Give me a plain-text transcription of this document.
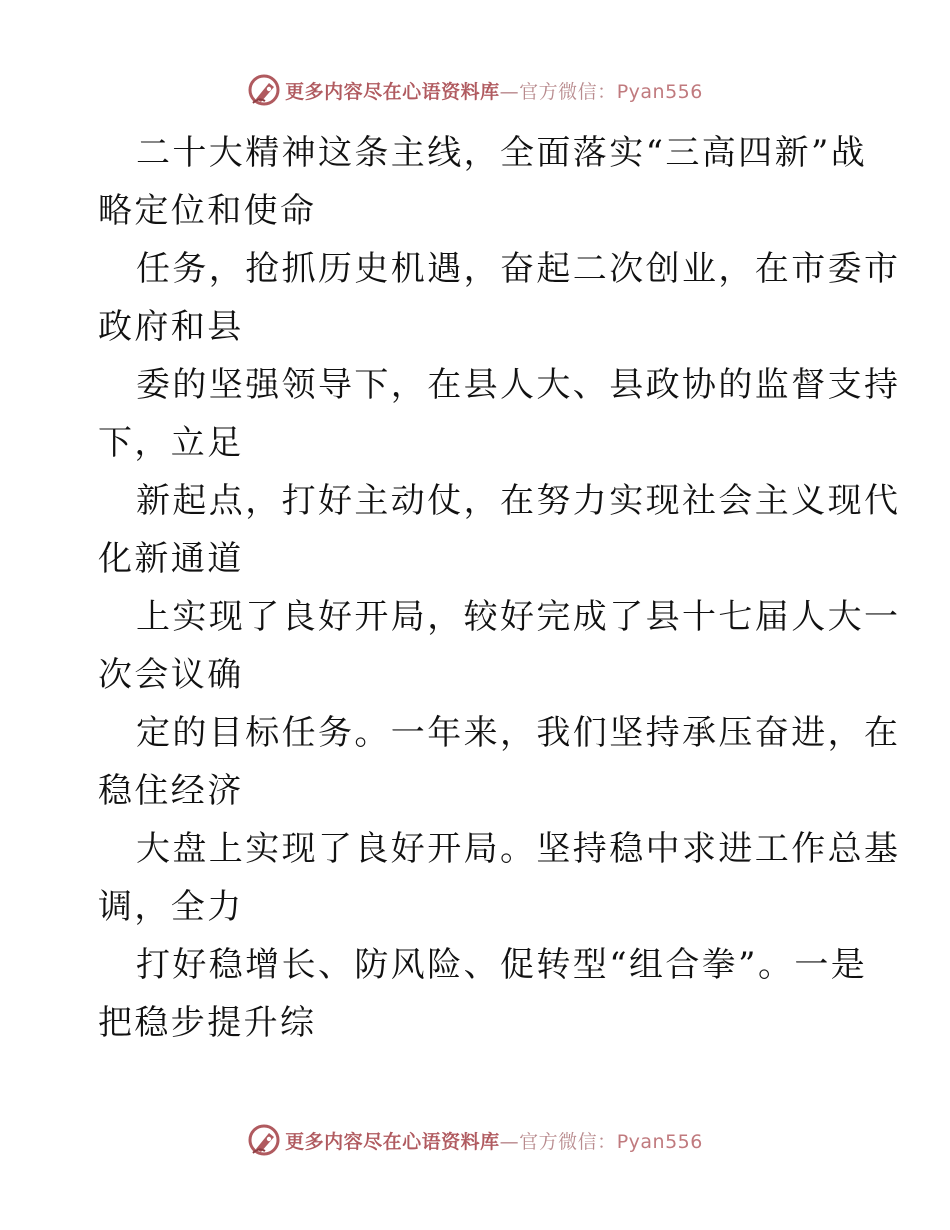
更多内容尽在心语资料库—官方微信：Pyan556
二十大精神这条主线，全面落实“三高四新”战
略定位和使命
任务，抢抓历史机遇，奋起二次创业，在市委市
政府和县
委的坚强领导下，在县人大、县政协的监督支持
下，立足
新起点，打好主动仗，在努力实现社会主义现代
化新通道
上实现了良好开局，较好完成了县十七届人大一
次会议确
定的目标任务。一年来，我们坚持承压奋进，在
稳住经济
大盘上实现了良好开局。坚持稳中求进工作总基
调，全力
打好稳增长、防风险、促转型“组合拳”。一是
把稳步提升综
更多内容尽在心语资料库—官方微信：Pyan556
